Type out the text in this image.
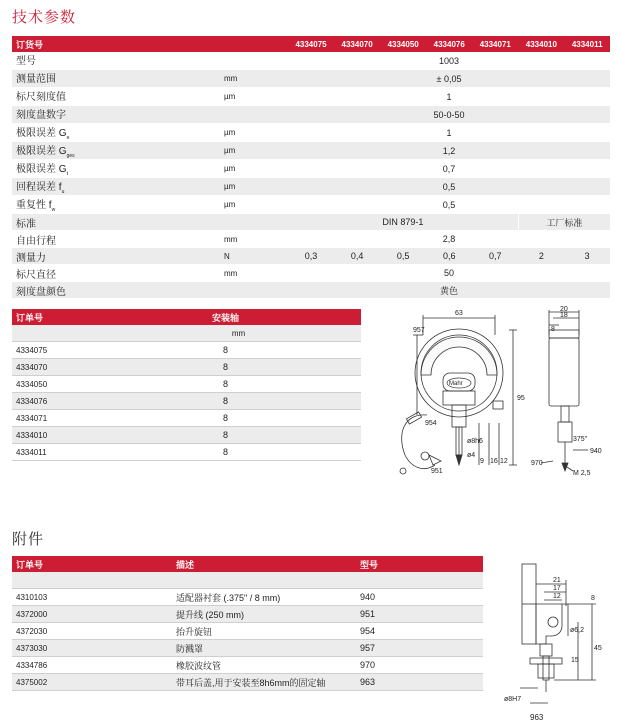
技术参数
订货号		4334075	4334070	4334050	4334076	4334071	4334010	4334011
型号		1003						
测量范围	mm	± 0,05						
标尺刻度值	µm	1						
刻度盘数字		50-0-50						
极限误差 $G_e$	µm	1						
极限误差 $G_{ges}$	µm	1,2						
极限误差 $G_t$	µm	0,7						
回程误差 $f_u$	µm	0,5						
重复性 $f_w$	µm	0,5						
标准		DIN 879-1					工厂标准	
自由行程	mm	2,8						
测量力	N	0,3	0,4	0,5	0,6	0,7	2	3
标尺直径	mm	50						
刻度盘颜色		黄色						
订单号	安装轴
	mm
4334075	8
4334070	8
4334050	8
4334076	8
4334071	8
4334010	8
4334011	8
Mahr
957
63
20
18
8
95
954
ø8h6
ø4
9 16 12
375"
940
970
951	M 2,5
附件
订单号	描述	型号

4310103	适配器衬套 (.375" / 8 mm)	940
4372000	提升线 (250 mm)	951
4372030	抬升旋钮	954
4373030	防溅罩	957
4334786	橡胶波纹管	970
4375002	带耳后盖,用于安装至8h6mm的固定轴	963
21
17
12	8
ø6,2
15
45
ø8H7
963
